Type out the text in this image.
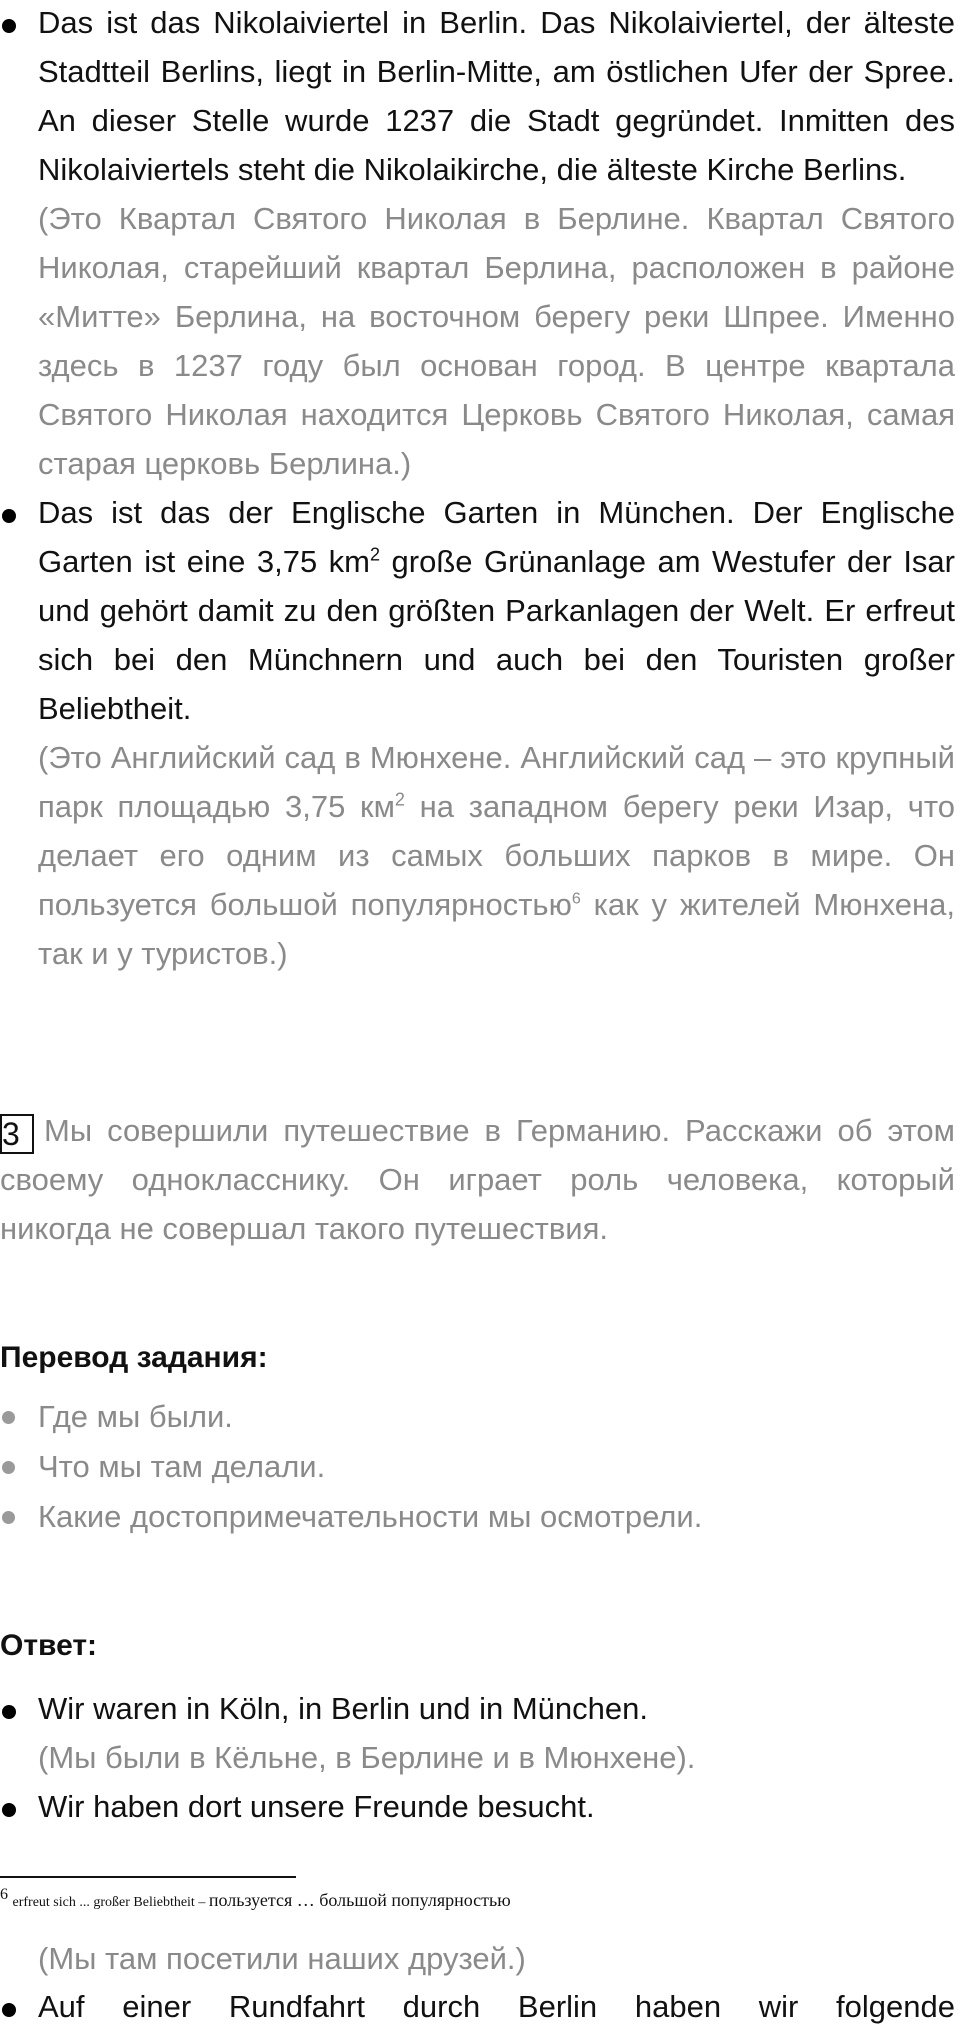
Das ist das Nikolaiviertel in Berlin. Das Nikolaiviertel, der älteste Stadtteil Berlins, liegt in Berlin-Mitte, am östlichen Ufer der Spree. An dieser Stelle wurde 1237 die Stadt gegründet. Inmitten des Nikolaiviertels steht die Nikolaikirche, die älteste Kirche Berlins.
(Это Квартал Святого Николая в Берлине. Квартал Святого Николая, старейший квартал Берлина, расположен в районе «Митте» Берлина, на восточном берегу реки Шпрее. Именно здесь в 1237 году был основан город. В центре квартала Святого Николая находится Церковь Святого Николая, самая старая церковь Берлина.)
Das ist das der Englische Garten in München. Der Englische Garten ist eine 3,75 $km^2$ große Grünanlage am Westufer der Isar und gehört damit zu den größten Parkanlagen der Welt. Er erfreut sich bei den Münchnern und auch bei den Touristen großer Beliebtheit.
(Это Английский сад в Мюнхене. Английский сад – это крупный парк площадью 3,75 $км^2$ на западном берегу реки Изар, что делает его одним из самых больших парков в мире. Он пользуется большой популярностью$^6$ как у жителей Мюнхена, так и у туристов.)
3 Мы совершили путешествие в Германию. Расскажи об этом своему однокласснику. Он играет роль человека, который никогда не совершал такого путешествия.
Перевод задания:
Где мы были.
Что мы там делали.
Какие достопримечательности мы осмотрели.
Ответ:
Wir waren in Köln, in Berlin und in München.
(Мы были в Кёльне, в Берлине и в Мюнхене).
Wir haben dort unsere Freunde besucht.
$^6$ erfreut sich ... großer Beliebtheit – пользуется … большой популярностью
(Мы там посетили наших друзей.)
Auf einer Rundfahrt durch Berlin haben wir folgende
